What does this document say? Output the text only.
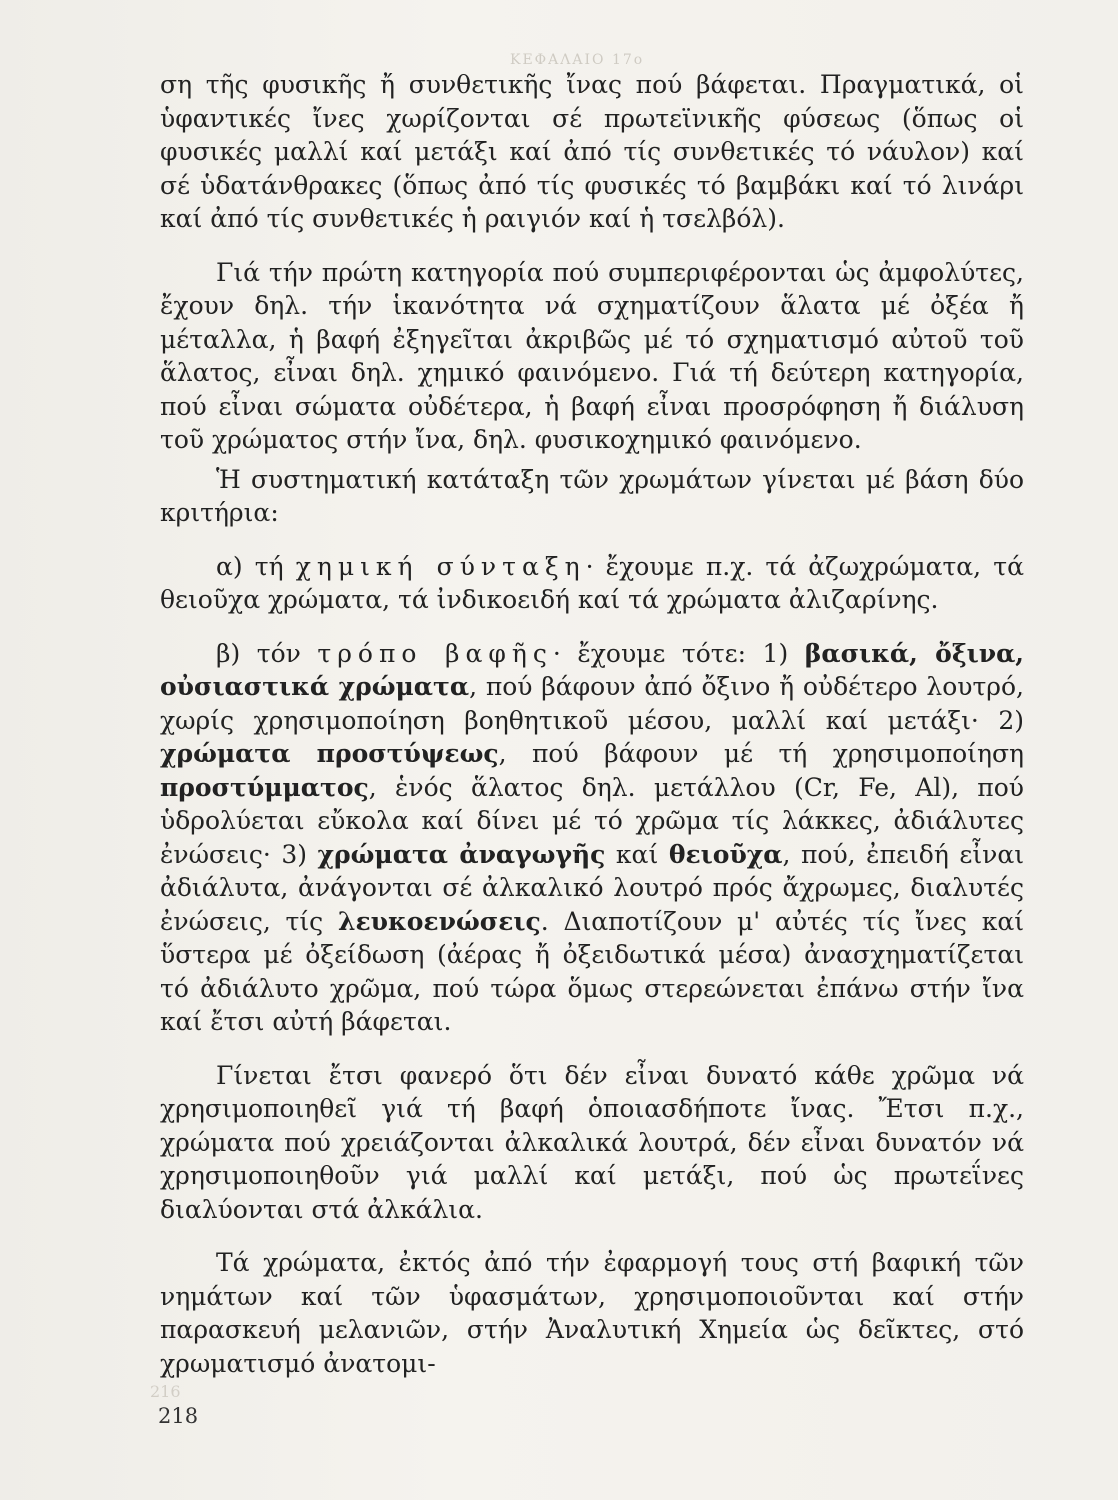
ΚΕΦΑΛΑΙΟ 17ο

ση τῆς φυσικῆς ἤ συνθετικῆς ἴνας πού βάφεται. Πραγματικά, οἱ ὑφαντικές ἴνες χωρίζονται σέ πρωτεϊνικῆς φύσεως (ὅπως οἱ φυσικές μαλλί καί μετάξι καί ἀπό τίς συνθετικές τό νάυλον) καί σέ ὑδατάνθρακες (ὅπως ἀπό τίς φυσικές τό βαμβάκι καί τό λινάρι καί ἀπό τίς συνθετικές ἡ ραιγιόν καί ἡ τσελβόλ).

Γιά τήν πρώτη κατηγορία πού συμπεριφέρονται ὡς ἀμφολύτες, ἔχουν δηλ. τήν ἱκανότητα νά σχηματίζουν ἅλατα μέ ὀξέα ἤ μέταλλα, ἡ βαφή ἐξηγεῖται ἀκριβῶς μέ τό σχηματισμό αὐτοῦ τοῦ ἅλατος, εἶναι δηλ. χημικό φαινόμενο. Γιά τή δεύτερη κατηγορία, πού εἶναι σώματα οὐδέτερα, ἡ βαφή εἶναι προσρόφηση ἤ διάλυση τοῦ χρώματος στήν ἴνα, δηλ. φυσικοχημικό φαινόμενο.

Ἡ συστηματική κατάταξη τῶν χρωμάτων γίνεται μέ βάση δύο κριτήρια:

α) τή χημική σύνταξη· ἔχουμε π.χ. τά ἀζωχρώματα, τά θειοῦχα χρώματα, τά ἰνδικοειδή καί τά χρώματα ἀλιζαρίνης.

β) τόν τρόπο βαφῆς· ἔχουμε τότε: 1) βασικά, ὄξινα, οὐσιαστικά χρώματα, πού βάφουν ἀπό ὄξινο ἤ οὐδέτερο λουτρό, χωρίς χρησιμοποίηση βοηθητικοῦ μέσου, μαλλί καί μετάξι· 2) χρώματα προστύψεως, πού βάφουν μέ τή χρησιμοποίηση προστύμματος, ἑνός ἅλατος δηλ. μετάλλου (Cr, Fe, Al), πού ὑδρολύεται εὔκολα καί δίνει μέ τό χρῶμα τίς λάκκες, ἀδιάλυτες ἐνώσεις· 3) χρώματα ἀναγωγῆς καί θειοῦχα, πού, ἐπειδή εἶναι ἀδιάλυτα, ἀνάγονται σέ ἀλκαλικό λουτρό πρός ἄχρωμες, διαλυτές ἐνώσεις, τίς λευκοενώσεις. Διαποτίζουν μ' αὐτές τίς ἴνες καί ὕστερα μέ ὀξείδωση (ἀέρας ἤ ὀξειδωτικά μέσα) ἀνασχηματίζεται τό ἀδιάλυτο χρῶμα, πού τώρα ὅμως στερεώνεται ἐπάνω στήν ἴνα καί ἔτσι αὐτή βάφεται.

Γίνεται ἔτσι φανερό ὅτι δέν εἶναι δυνατό κάθε χρῶμα νά χρησιμοποιηθεῖ γιά τή βαφή ὁποιασδήποτε ἴνας. Ἔτσι π.χ., χρώματα πού χρειάζονται ἀλκαλικά λουτρά, δέν εἶναι δυνατόν νά χρησιμοποιηθοῦν γιά μαλλί καί μετάξι, πού ὡς πρωτεΐνες διαλύονται στά ἀλκάλια.

Τά χρώματα, ἐκτός ἀπό τήν ἐφαρμογή τους στή βαφική τῶν νημάτων καί τῶν ὑφασμάτων, χρησιμοποιοῦνται καί στήν παρασκευή μελανιῶν, στήν Ἀναλυτική Χημεία ὡς δεῖκτες, στό χρωματισμό ἀνατομι-

216
218
